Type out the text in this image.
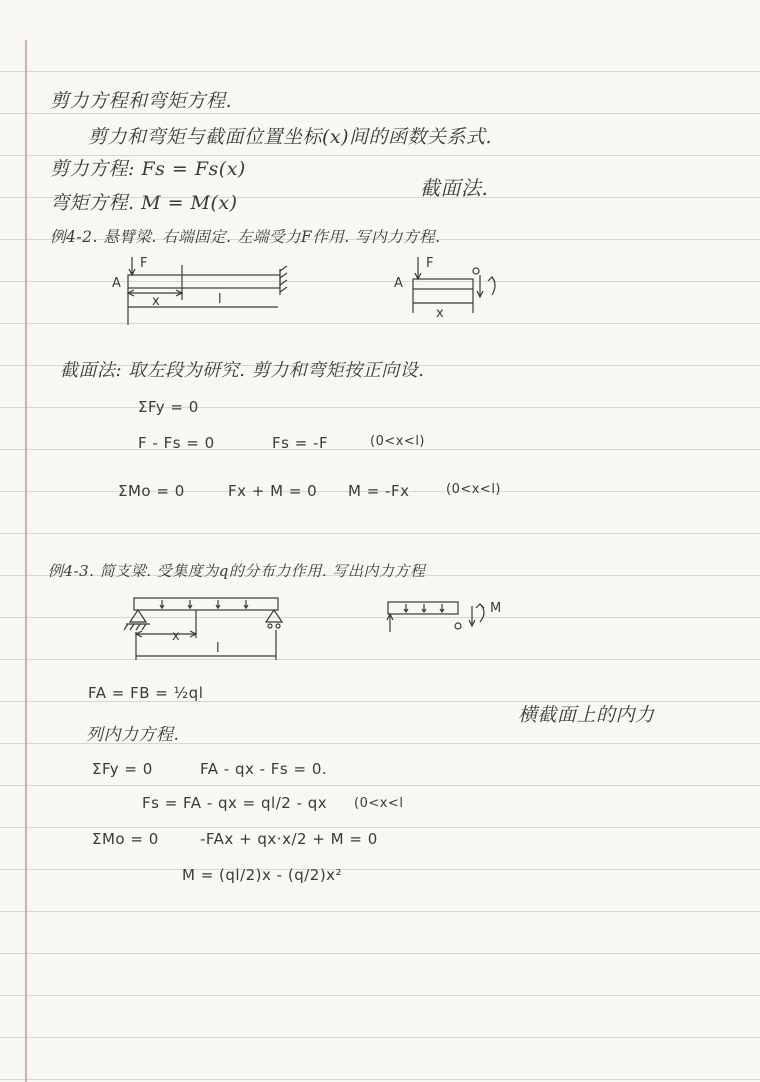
剪力方程和弯矩方程.
剪力和弯矩与截面位置坐标(x)间的函数关系式.
剪力方程: Fs = Fs(x)
截面法.
弯矩方程. M = M(x)
例4-2. 悬臂梁. 右端固定. 左端受力F作用. 写内力方程.
F
A
x	l
F
A
x
截面法: 取左段为研究. 剪力和弯矩按正向设.
ΣFy = 0
F - Fs = 0	Fs = -F	(0<x<l)
ΣMo = 0	Fx + M = 0 M = -Fx	(0<x<l)
例4-3. 简支梁. 受集度为q的分布力作用. 写出内力方程
x
l
M
FA = FB = ½ql
横截面上的内力
列内力方程.
ΣFy = 0	FA - qx - Fs = 0.
Fs = FA - qx = ql/2 - qx (0<x<l
ΣMo = 0	-FAx + qx·x/2 + M = 0
M = (ql/2)x - (q/2)x²
